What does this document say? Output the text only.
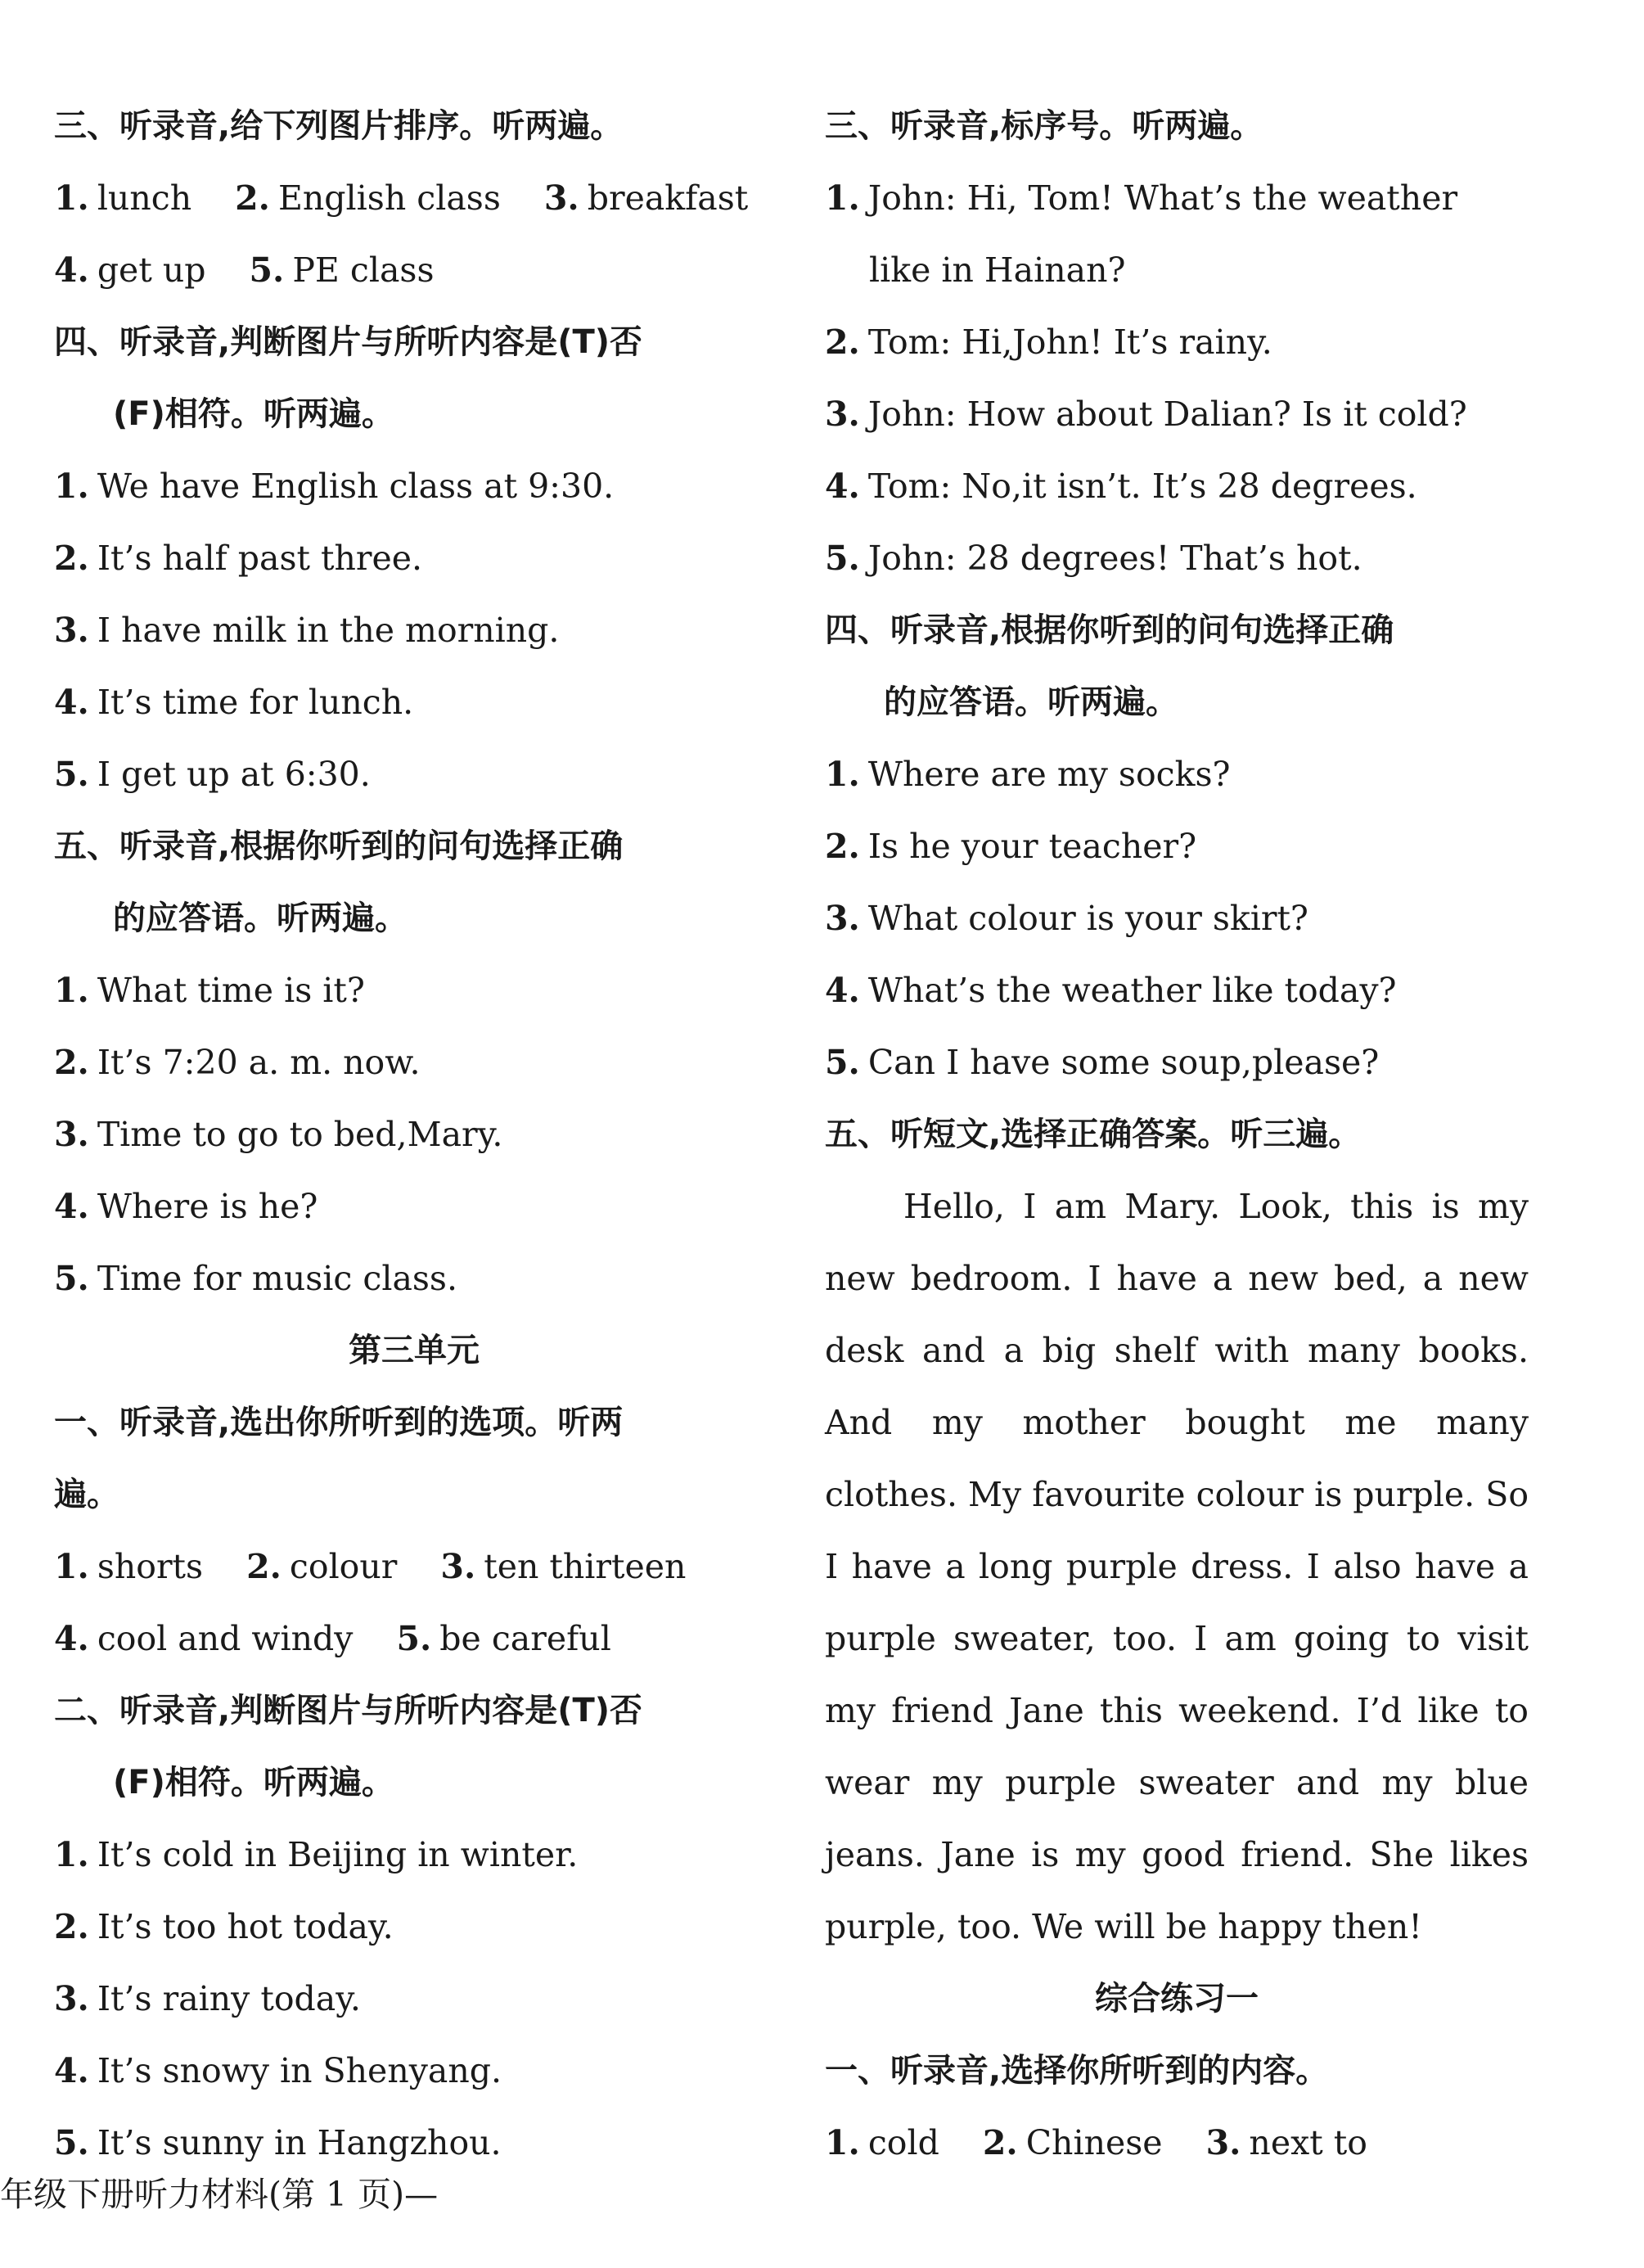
三、听录音,给下列图片排序。听两遍。
1. lunch 2. English class 3. breakfast
4. get up 5. PE class
四、听录音,判断图片与所听内容是(T)否
(F)相符。听两遍。
1. We have English class at 9:30.
2. It’s half past three.
3. I have milk in the morning.
4. It’s time for lunch.
5. I get up at 6:30.
五、听录音,根据你听到的问句选择正确
的应答语。听两遍。
1. What time is it?
2. It’s 7:20 a. m. now.
3. Time to go to bed,Mary.
4. Where is he?
5. Time for music class.
第三单元
一、听录音,选出你所听到的选项。听两
遍。
1. shorts 2. colour 3. ten thirteen
4. cool and windy 5. be careful
二、听录音,判断图片与所听内容是(T)否
(F)相符。听两遍。
1. It’s cold in Beijing in winter.
2. It’s too hot today.
3. It’s rainy today.
4. It’s snowy in Shenyang.
5. It’s sunny in Hangzhou.
三、听录音,标序号。听两遍。
1. John: Hi, Tom! What’s the weather
like in Hainan?
2. Tom: Hi,John! It’s rainy.
3. John: How about Dalian? Is it cold?
4. Tom: No,it isn’t. It’s 28 degrees.
5. John: 28 degrees! That’s hot.
四、听录音,根据你听到的问句选择正确
的应答语。听两遍。
1. Where are my socks?
2. Is he your teacher?
3. What colour is your skirt?
4. What’s the weather like today?
5. Can I have some soup,please?
五、听短文,选择正确答案。听三遍。
Hello, I am Mary. Look, this is my
new bedroom. I have a new bed, a new
desk and a big shelf with many books.
And my mother bought me many
clothes. My favourite colour is purple. So
I have a long purple dress. I also have a
purple sweater, too. I am going to visit
my friend Jane this weekend. I’d like to
wear my purple sweater and my blue
jeans. Jane is my good friend. She likes
purple, too. We will be happy then!
综合练习一
一、听录音,选择你所听到的内容。
1. cold 2. Chinese 3. next to
年级下册听力材料(第 1 页)—
